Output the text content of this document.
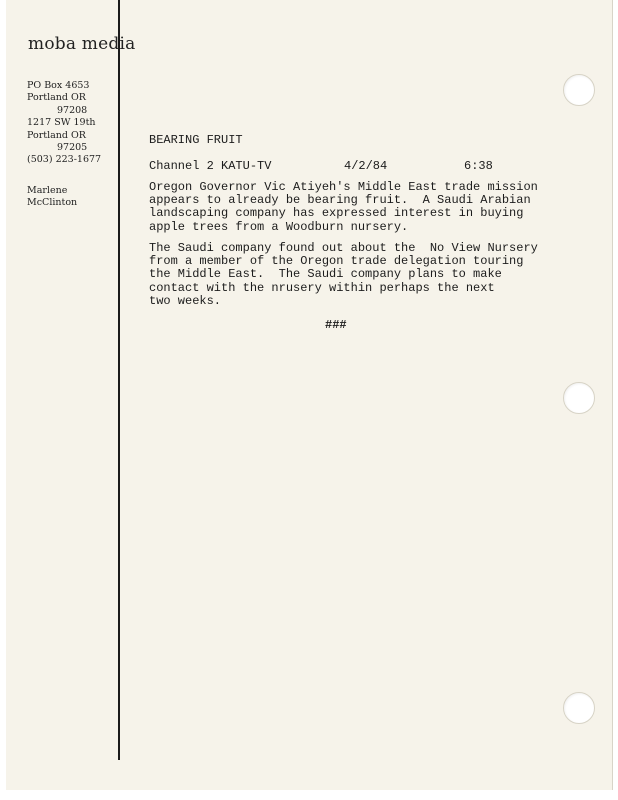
moba media
PO Box 4653
Portland OR
97208
1217 SW 19th
Portland OR
97205
(503) 223-1677
Marlene
McClinton
BEARING FRUIT
Channel 2 KATU-TV	4/2/84	6:38
Oregon Governor Vic Atiyeh's Middle East trade mission
appears to already be bearing fruit.  A Saudi Arabian
landscaping company has expressed interest in buying
apple trees from a Woodburn nursery.
The Saudi company found out about the  No View Nursery
from a member of the Oregon trade delegation touring
the Middle East.  The Saudi company plans to make
contact with the nrusery within perhaps the next
two weeks.
###
